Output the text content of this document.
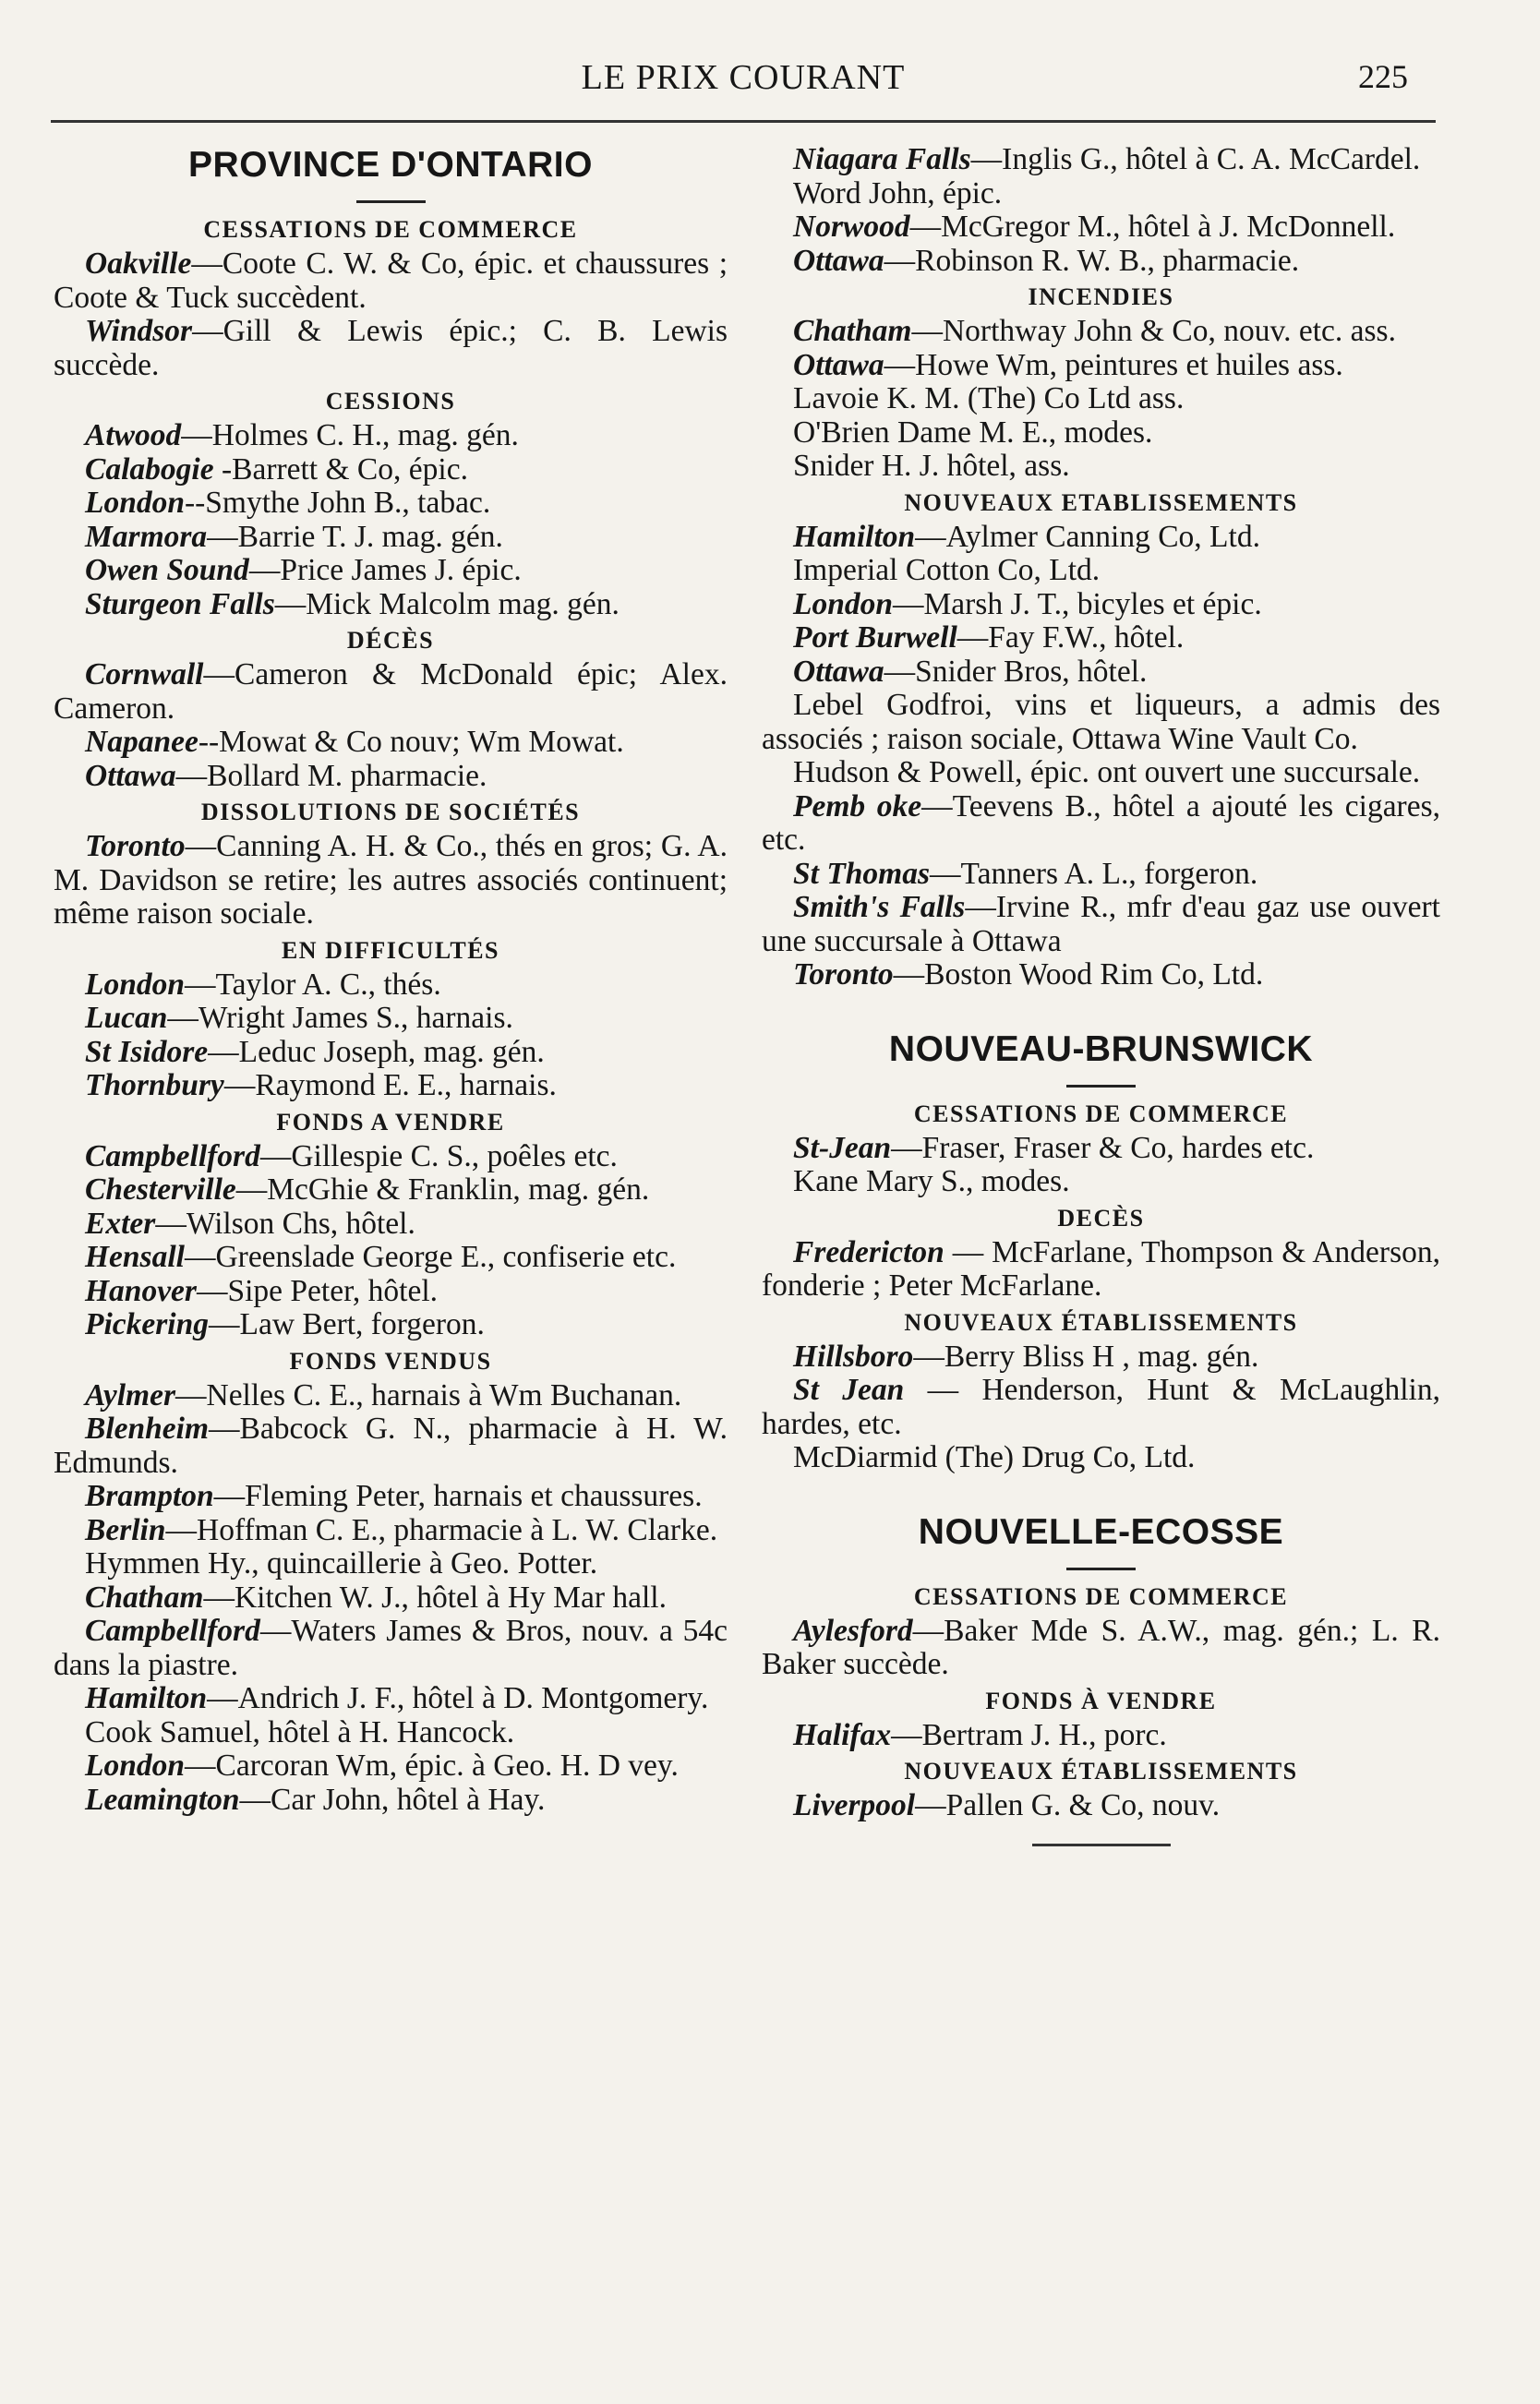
LE PRIX COURANT	225
PROVINCE D'ONTARIO
CESSATIONS DE COMMERCE

Oakville—Coote C. W. & Co, épic. et chaussures ; Coote & Tuck succèdent.

Windsor—Gill & Lewis épic.; C. B. Lewis succède.

CESSIONS

Atwood—Holmes C. H., mag. gén.

Calabogie -Barrett & Co, épic.

London--Smythe John B., tabac.

Marmora—Barrie T. J. mag. gén.

Owen Sound—Price James J. épic.

Sturgeon Falls—Mick Malcolm mag. gén.

DÉCÈS

Cornwall—Cameron & McDonald épic; Alex. Cameron.

Napanee--Mowat & Co nouv; Wm Mowat.

Ottawa—Bollard M. pharmacie.

DISSOLUTIONS DE SOCIÉTÉS

Toronto—Canning A. H. & Co., thés en gros; G. A. M. Davidson se retire; les autres associés continuent; même raison sociale.

EN DIFFICULTÉS

London—Taylor A. C., thés.

Lucan—Wright James S., harnais.

St Isidore—Leduc Joseph, mag. gén.

Thornbury—Raymond E. E., harnais.

FONDS A VENDRE

Campbellford—Gillespie C. S., poêles etc.

Chesterville—McGhie & Franklin, mag. gén.

Exter—Wilson Chs, hôtel.

Hensall—Greenslade George E., confiserie etc.

Hanover—Sipe Peter, hôtel.

Pickering—Law Bert, forgeron.

FONDS VENDUS

Aylmer—Nelles C. E., harnais à Wm Buchanan.

Blenheim—Babcock G. N., pharmacie à H. W. Edmunds.

Brampton—Fleming Peter, harnais et chaussures.

Berlin—Hoffman C. E., pharmacie à L. W. Clarke.

Hymmen Hy., quincaillerie à Geo. Potter.

Chatham—Kitchen W. J., hôtel à Hy Mar hall.

Campbellford—Waters James & Bros, nouv. a 54c dans la piastre.

Hamilton—Andrich J. F., hôtel à D. Montgomery.

Cook Samuel, hôtel à H. Hancock.

London—Carcoran Wm, épic. à Geo. H. D vey.

Leamington—Car John, hôtel à Hay.

Niagara Falls—Inglis G., hôtel à C. A. McCardel.

Word John, épic.

Norwood—McGregor M., hôtel à J. McDonnell.

Ottawa—Robinson R. W. B., pharmacie.

INCENDIES

Chatham—Northway John & Co, nouv. etc. ass.

Ottawa—Howe Wm, peintures et huiles ass.

Lavoie K. M. (The) Co Ltd ass.

O'Brien Dame M. E., modes.

Snider H. J. hôtel, ass.

NOUVEAUX ETABLISSEMENTS

Hamilton—Aylmer Canning Co, Ltd.

Imperial Cotton Co, Ltd.

London—Marsh J. T., bicyles et épic.

Port Burwell—Fay F.W., hôtel.

Ottawa—Snider Bros, hôtel.

Lebel Godfroi, vins et liqueurs, a admis des associés ; raison sociale, Ottawa Wine Vault Co.

Hudson & Powell, épic. ont ouvert une succursale.

Pemb oke—Teevens B., hôtel a ajouté les cigares, etc.

St Thomas—Tanners A. L., forgeron.

Smith's Falls—Irvine R., mfr d'eau gaz use ouvert une succursale à Ottawa

Toronto—Boston Wood Rim Co, Ltd.

NOUVEAU-BRUNSWICK
CESSATIONS DE COMMERCE

St-Jean—Fraser, Fraser & Co, hardes etc.

Kane Mary S., modes.

DECÈS

Fredericton — McFarlane, Thompson & Anderson, fonderie ; Peter McFarlane.

NOUVEAUX ÉTABLISSEMENTS

Hillsboro—Berry Bliss H , mag. gén.

St Jean — Henderson, Hunt & McLaughlin, hardes, etc.

McDiarmid (The) Drug Co, Ltd.

NOUVELLE-ECOSSE
CESSATIONS DE COMMERCE

Aylesford—Baker Mde S. A.W., mag. gén.; L. R. Baker succède.

FONDS À VENDRE

Halifax—Bertram J. H., porc.

NOUVEAUX ÉTABLISSEMENTS

Liverpool—Pallen G. & Co, nouv.
